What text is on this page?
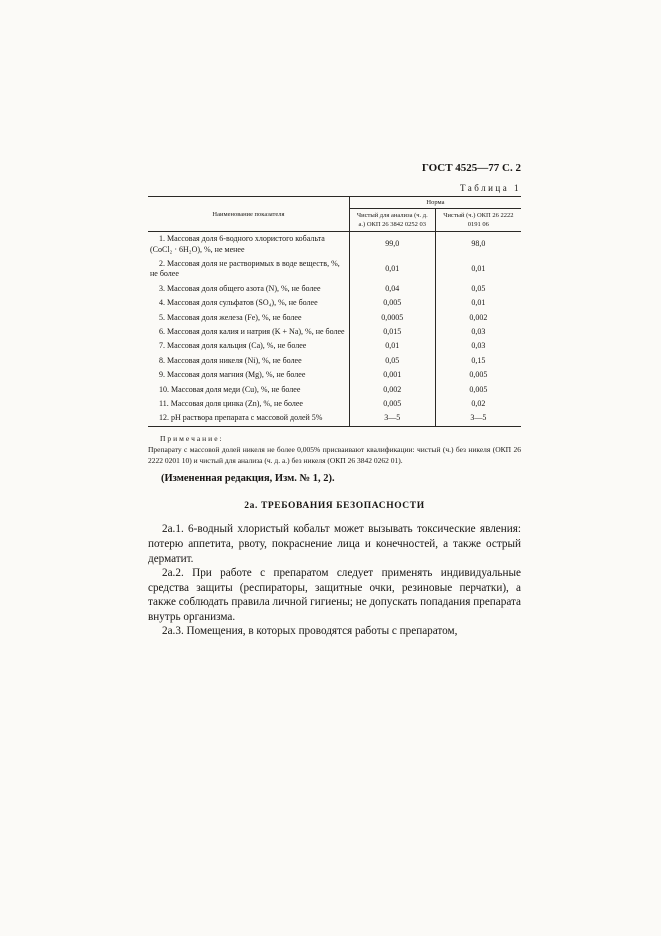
ГОСТ 4525—77 С. 2
Таблица 1
Наименование показателя	Норма	
	Чистый для анализа (ч. д. а.) ОКП 26 3842 0252 03	Чистый (ч.) ОКП 26 2222 0191 06
1. Массовая доля 6-водного хлористого кобальта (CoCl₂ · 6H₂O), %, не менее	99,0	98,0
2. Массовая доля не растворимых в воде веществ, %, не более	0,01	0,01
3. Массовая доля общего азота (N), %, не более	0,04	0,05
4. Массовая доля сульфатов (SO₄), %, не более	0,005	0,01
5. Массовая доля железа (Fe), %, не более	0,0005	0,002
6. Массовая доля калия и натрия (K + Na), %, не более	0,015	0,03
7. Массовая доля кальция (Ca), %, не более	0,01	0,03
8. Массовая доля никеля (Ni), %, не более	0,05	0,15
9. Массовая доля магния (Mg), %, не более	0,001	0,005
10. Массовая доля меди (Cu), %, не более	0,002	0,005
11. Массовая доля цинка (Zn), %, не более	0,005	0,02
12. pH раствора препарата с массовой долей 5%	3—5	3—5
Примечание:
Препарату с массовой долей никеля не более 0,005% присваивают квалификации: чистый (ч.) без никеля (ОКП 26 2222 0201 10) и чистый для анализа (ч. д. а.) без никеля (ОКП 26 3842 0262 01).

(Измененная редакция, Изм. № 1, 2).

2а. ТРЕБОВАНИЯ БЕЗОПАСНОСТИ

2а.1. 6-водный хлористый кобальт может вызывать токсические явления: потерю аппетита, рвоту, покраснение лица и конечностей, а также острый дерматит.

2а.2. При работе с препаратом следует применять индивидуальные средства защиты (респираторы, защитные очки, резиновые перчатки), а также соблюдать правила личной гигиены; не допускать попадания препарата внутрь организма.

2а.3. Помещения, в которых проводятся работы с препаратом,
